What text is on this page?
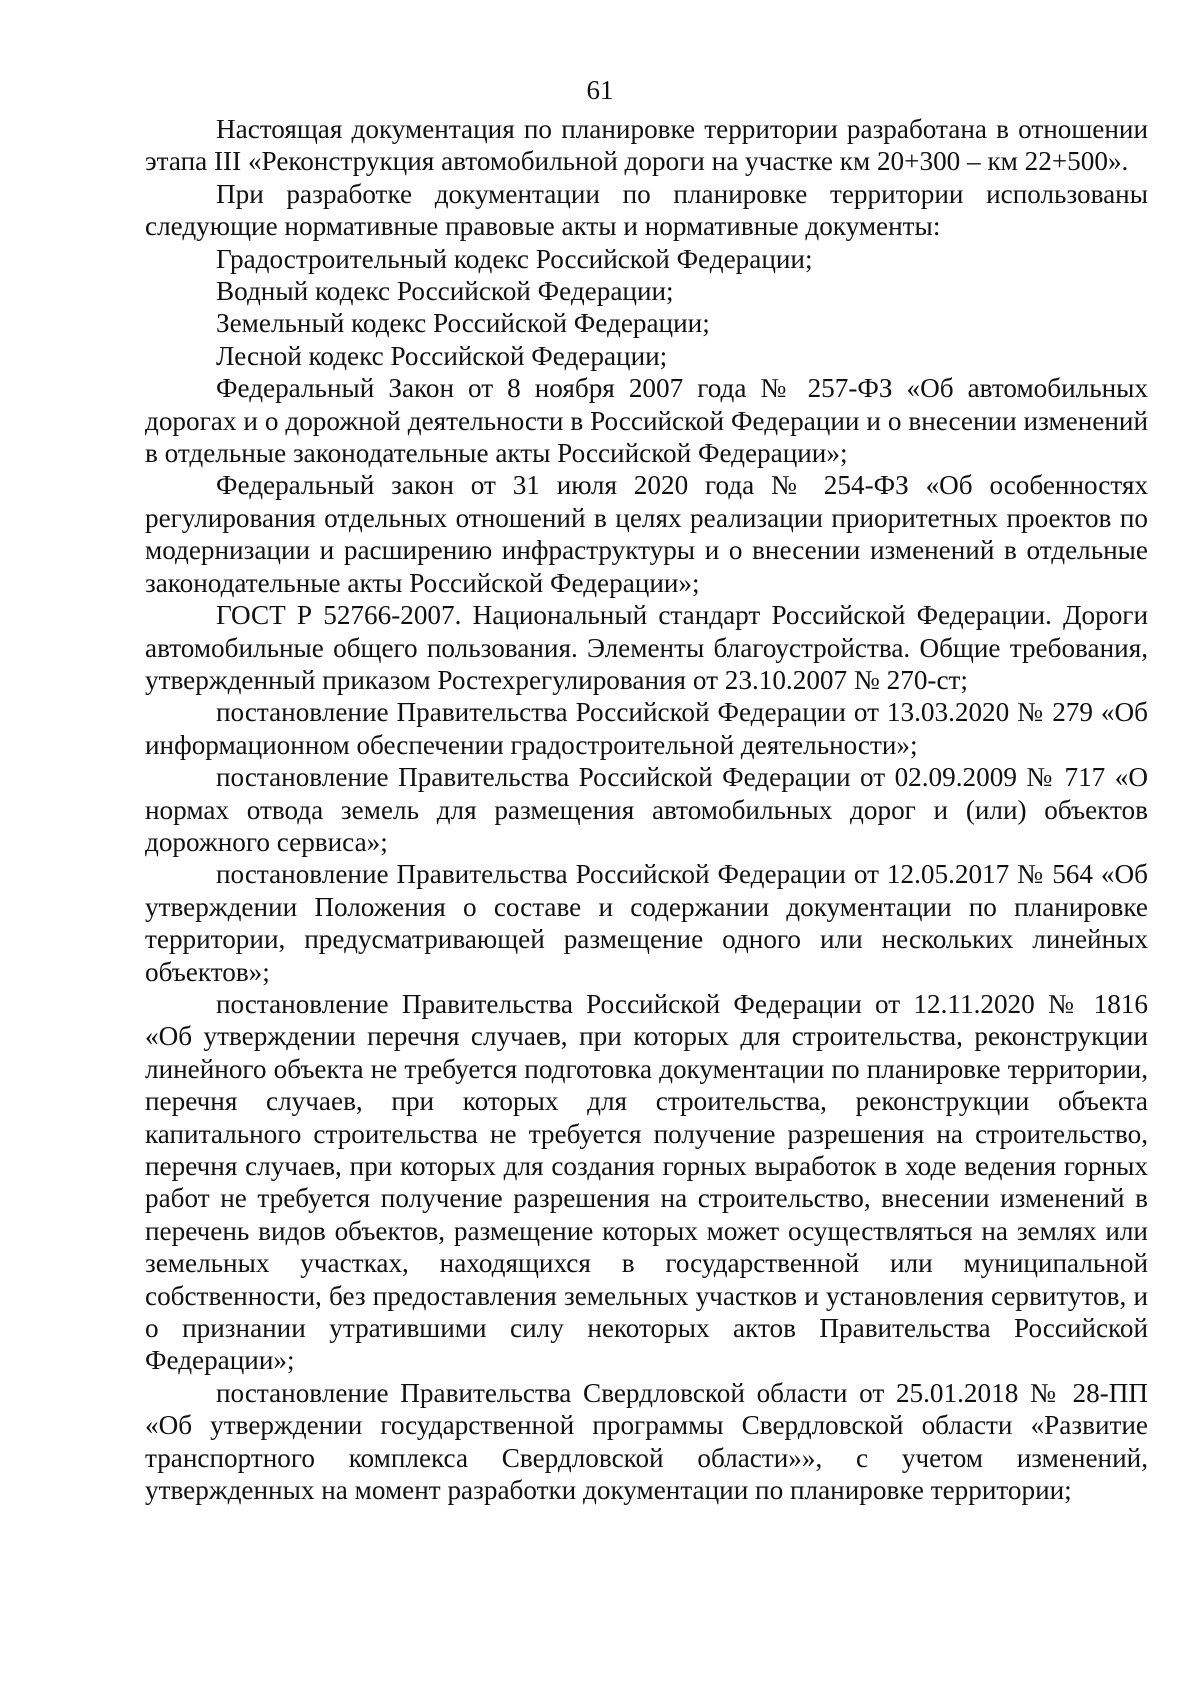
61

Настоящая документация по планировке территории разработана в отношении этапа III «Реконструкция автомобильной дороги на участке км 20+300 – км 22+500».

При разработке документации по планировке территории использованы следующие нормативные правовые акты и нормативные документы:

Градостроительный кодекс Российской Федерации;

Водный кодекс Российской Федерации;

Земельный кодекс Российской Федерации;

Лесной кодекс Российской Федерации;

Федеральный Закон от 8 ноября 2007 года № 257-ФЗ «Об автомобильных дорогах и о дорожной деятельности в Российской Федерации и о внесении изменений в отдельные законодательные акты Российской Федерации»;

Федеральный закон от 31 июля 2020 года № 254-ФЗ «Об особенностях регулирования отдельных отношений в целях реализации приоритетных проектов по модернизации и расширению инфраструктуры и о внесении изменений в отдельные законодательные акты Российской Федерации»;

ГОСТ Р 52766-2007. Национальный стандарт Российской Федерации. Дороги автомобильные общего пользования. Элементы благоустройства. Общие требования, утвержденный приказом Ростехрегулирования от 23.10.2007 № 270-ст;

постановление Правительства Российской Федерации от 13.03.2020 № 279 «Об информационном обеспечении градостроительной деятельности»;

постановление Правительства Российской Федерации от 02.09.2009 № 717 «О нормах отвода земель для размещения автомобильных дорог и (или) объектов дорожного сервиса»;

постановление Правительства Российской Федерации от 12.05.2017 № 564 «Об утверждении Положения о составе и содержании документации по планировке территории, предусматривающей размещение одного или нескольких линейных объектов»;

постановление Правительства Российской Федерации от 12.11.2020 № 1816 «Об утверждении перечня случаев, при которых для строительства, реконструкции линейного объекта не требуется подготовка документации по планировке территории, перечня случаев, при которых для строительства, реконструкции объекта капитального строительства не требуется получение разрешения на строительство, перечня случаев, при которых для создания горных выработок в ходе ведения горных работ не требуется получение разрешения на строительство, внесении изменений в перечень видов объектов, размещение которых может осуществляться на землях или земельных участках, находящихся в государственной или муниципальной собственности, без предоставления земельных участков и установления сервитутов, и о признании утратившими силу некоторых актов Правительства Российской Федерации»;

постановление Правительства Свердловской области от 25.01.2018 № 28-ПП «Об утверждении государственной программы Свердловской области «Развитие транспортного комплекса Свердловской области»», с учетом изменений, утвержденных на момент разработки документации по планировке территории;
